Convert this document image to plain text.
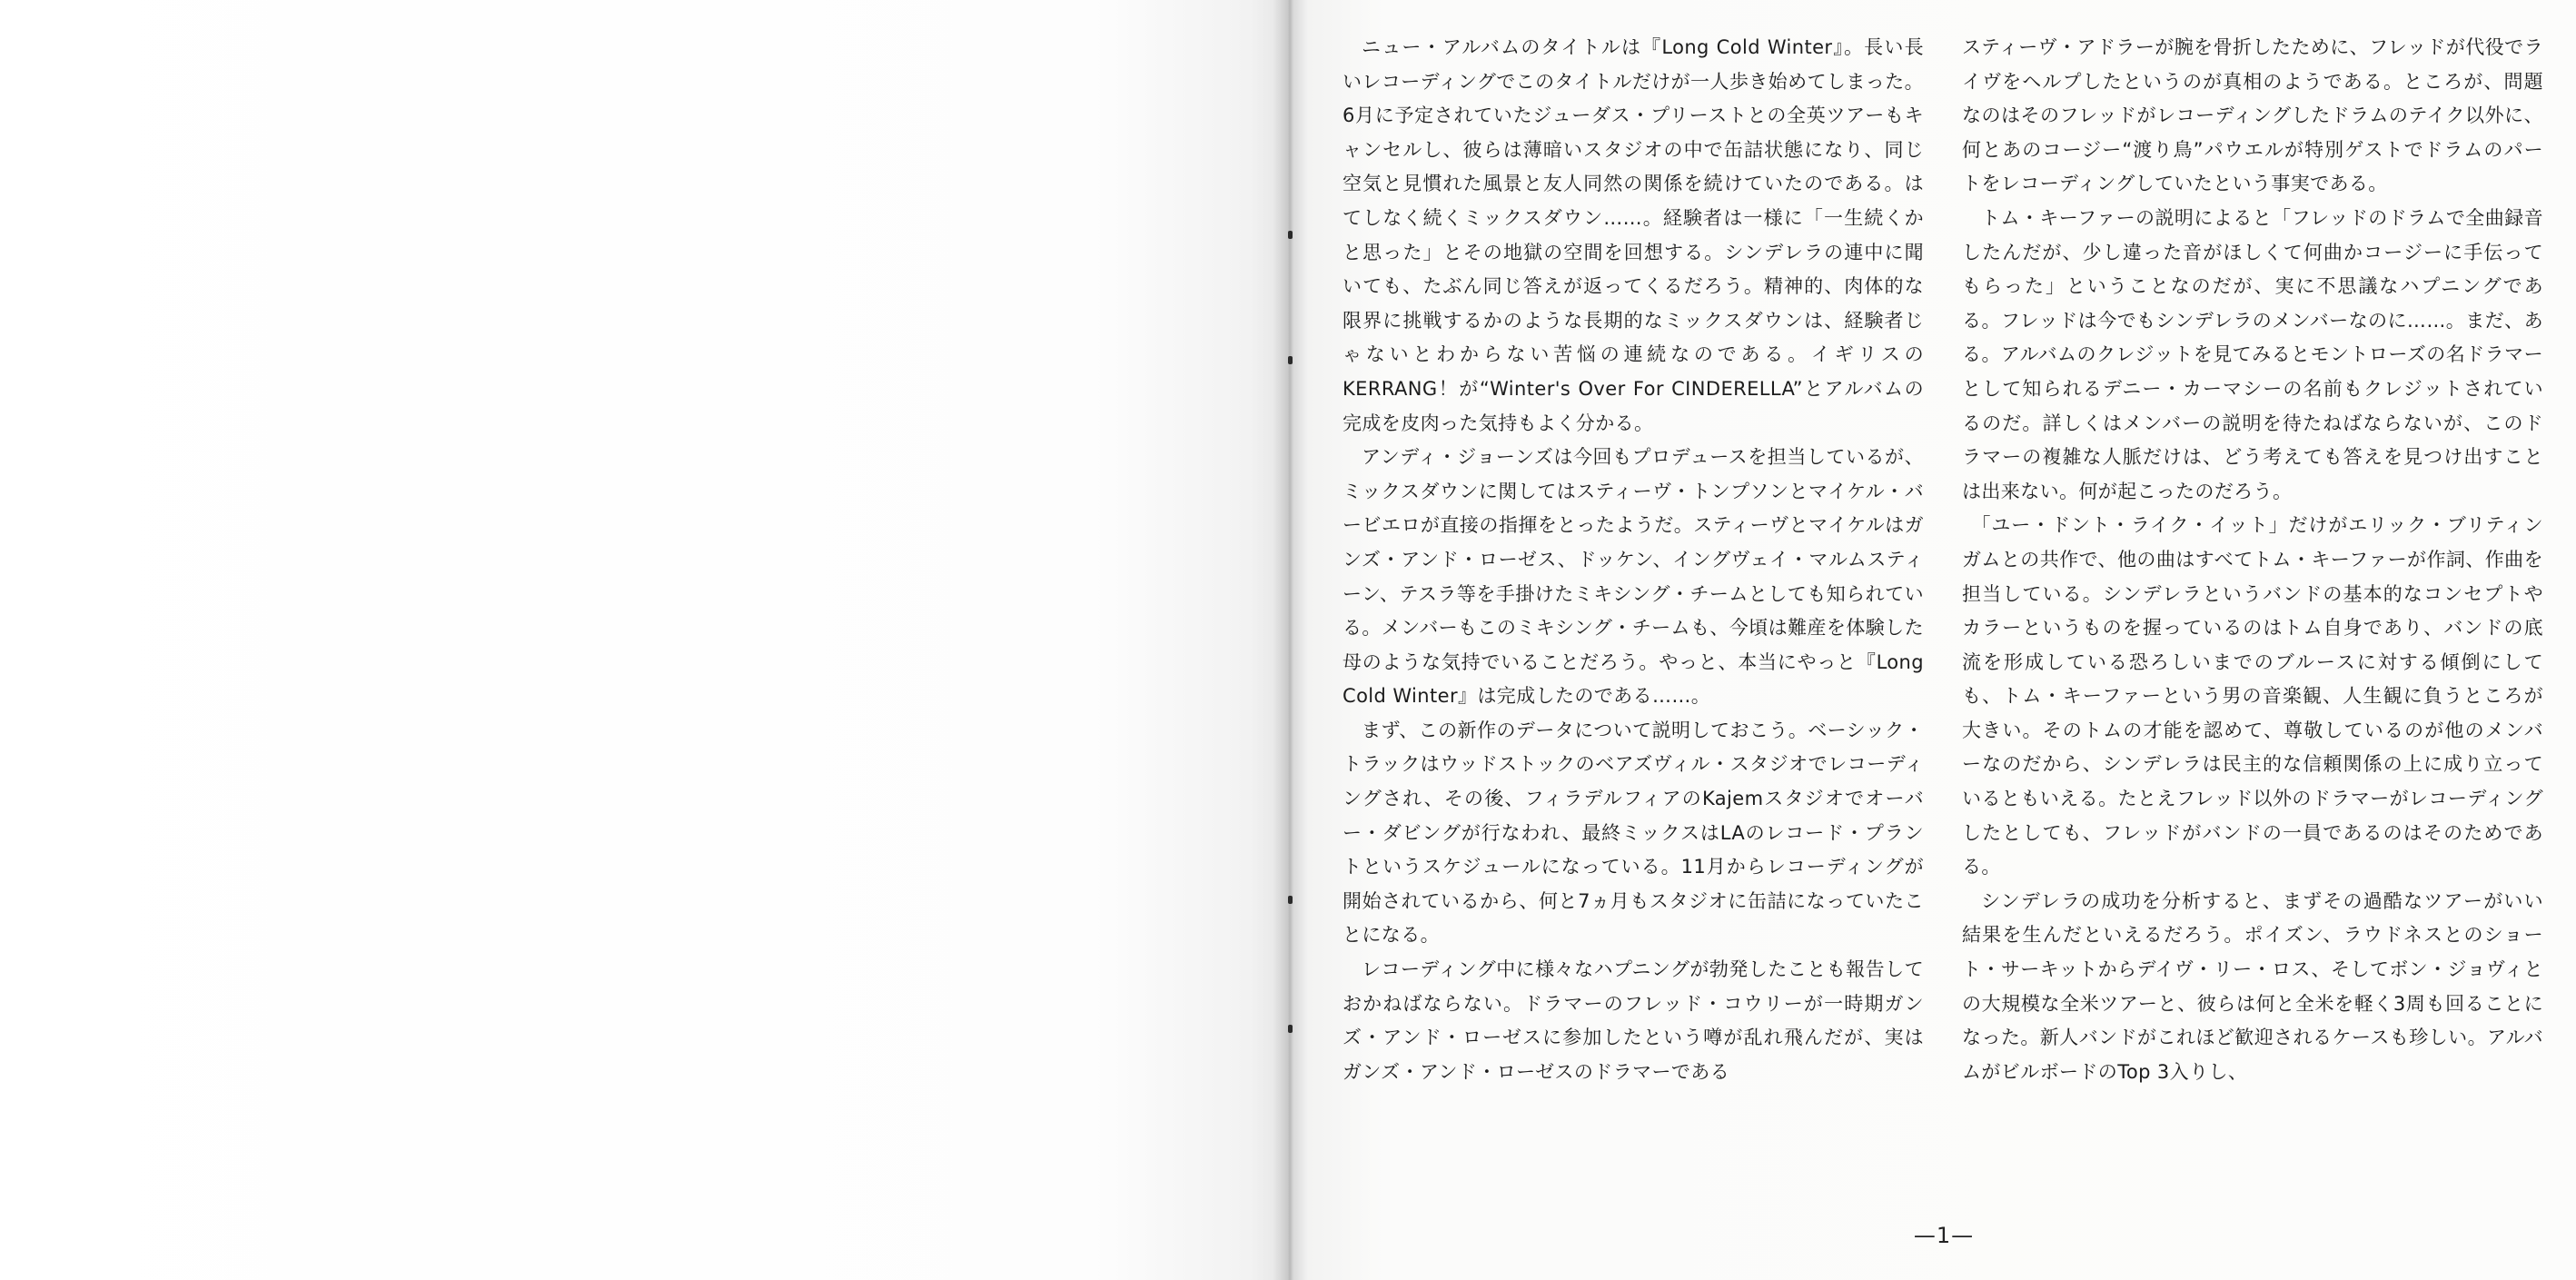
ニュー・アルバムのタイトルは『Long Cold Winter』。長い長いレコーディングでこのタイトルだけが一人歩き始めてしまった。6月に予定されていたジューダス・プリーストとの全英ツアーもキャンセルし、彼らは薄暗いスタジオの中で缶詰状態になり、同じ空気と見慣れた風景と友人同然の関係を続けていたのである。はてしなく続くミックスダウン……。経験者は一様に「一生続くかと思った」とその地獄の空間を回想する。シンデレラの連中に聞いても、たぶん同じ答えが返ってくるだろう。精神的、肉体的な限界に挑戦するかのような長期的なミックスダウンは、経験者じゃないとわからない苦悩の連続なのである。イギリスのKERRANG！が“Winter's Over For CINDERELLA”とアルバムの完成を皮肉った気持もよく分かる。

アンディ・ジョーンズは今回もプロデュースを担当しているが、ミックスダウンに関してはスティーヴ・トンプソンとマイケル・バービエロが直接の指揮をとったようだ。スティーヴとマイケルはガンズ・アンド・ローゼス、ドッケン、イングヴェイ・マルムスティーン、テスラ等を手掛けたミキシング・チームとしても知られている。メンバーもこのミキシング・チームも、今頃は難産を体験した母のような気持でいることだろう。やっと、本当にやっと『Long Cold Winter』は完成したのである……。

まず、この新作のデータについて説明しておこう。ベーシック・トラックはウッドストックのベアズヴィル・スタジオでレコーディングされ、その後、フィラデルフィアのKajemスタジオでオーバー・ダビングが行なわれ、最終ミックスはLAのレコード・プラントというスケジュールになっている。11月からレコーディングが開始されているから、何と7ヵ月もスタジオに缶詰になっていたことになる。

レコーディング中に様々なハプニングが勃発したことも報告しておかねばならない。ドラマーのフレッド・コウリーが一時期ガンズ・アンド・ローゼスに参加したという噂が乱れ飛んだが、実はガンズ・アンド・ローゼスのドラマーである

スティーヴ・アドラーが腕を骨折したために、フレッドが代役でライヴをヘルプしたというのが真相のようである。ところが、問題なのはそのフレッドがレコーディングしたドラムのテイク以外に、何とあのコージー“渡り鳥”パウエルが特別ゲストでドラムのパートをレコーディングしていたという事実である。

トム・キーファーの説明によると「フレッドのドラムで全曲録音したんだが、少し違った音がほしくて何曲かコージーに手伝ってもらった」ということなのだが、実に不思議なハプニングである。フレッドは今でもシンデレラのメンバーなのに……。まだ、ある。アルバムのクレジットを見てみるとモントローズの名ドラマーとして知られるデニー・カーマシーの名前もクレジットされているのだ。詳しくはメンバーの説明を待たねばならないが、このドラマーの複雑な人脈だけは、どう考えても答えを見つけ出すことは出来ない。何が起こったのだろう。

「ユー・ドント・ライク・イット」だけがエリック・ブリティンガムとの共作で、他の曲はすべてトム・キーファーが作詞、作曲を担当している。シンデレラというバンドの基本的なコンセプトやカラーというものを握っているのはトム自身であり、バンドの底流を形成している恐ろしいまでのブルースに対する傾倒にしても、トム・キーファーという男の音楽観、人生観に負うところが大きい。そのトムの才能を認めて、尊敬しているのが他のメンバーなのだから、シンデレラは民主的な信頼関係の上に成り立っているともいえる。たとえフレッド以外のドラマーがレコーディングしたとしても、フレッドがバンドの一員であるのはそのためである。

シンデレラの成功を分析すると、まずその過酷なツアーがいい結果を生んだといえるだろう。ポイズン、ラウドネスとのショート・サーキットからデイヴ・リー・ロス、そしてボン・ジョヴィとの大規模な全米ツアーと、彼らは何と全米を軽く3周も回ることになった。新人バンドがこれほど歓迎されるケースも珍しい。アルバムがビルボードのTop 3入りし、

—1—
